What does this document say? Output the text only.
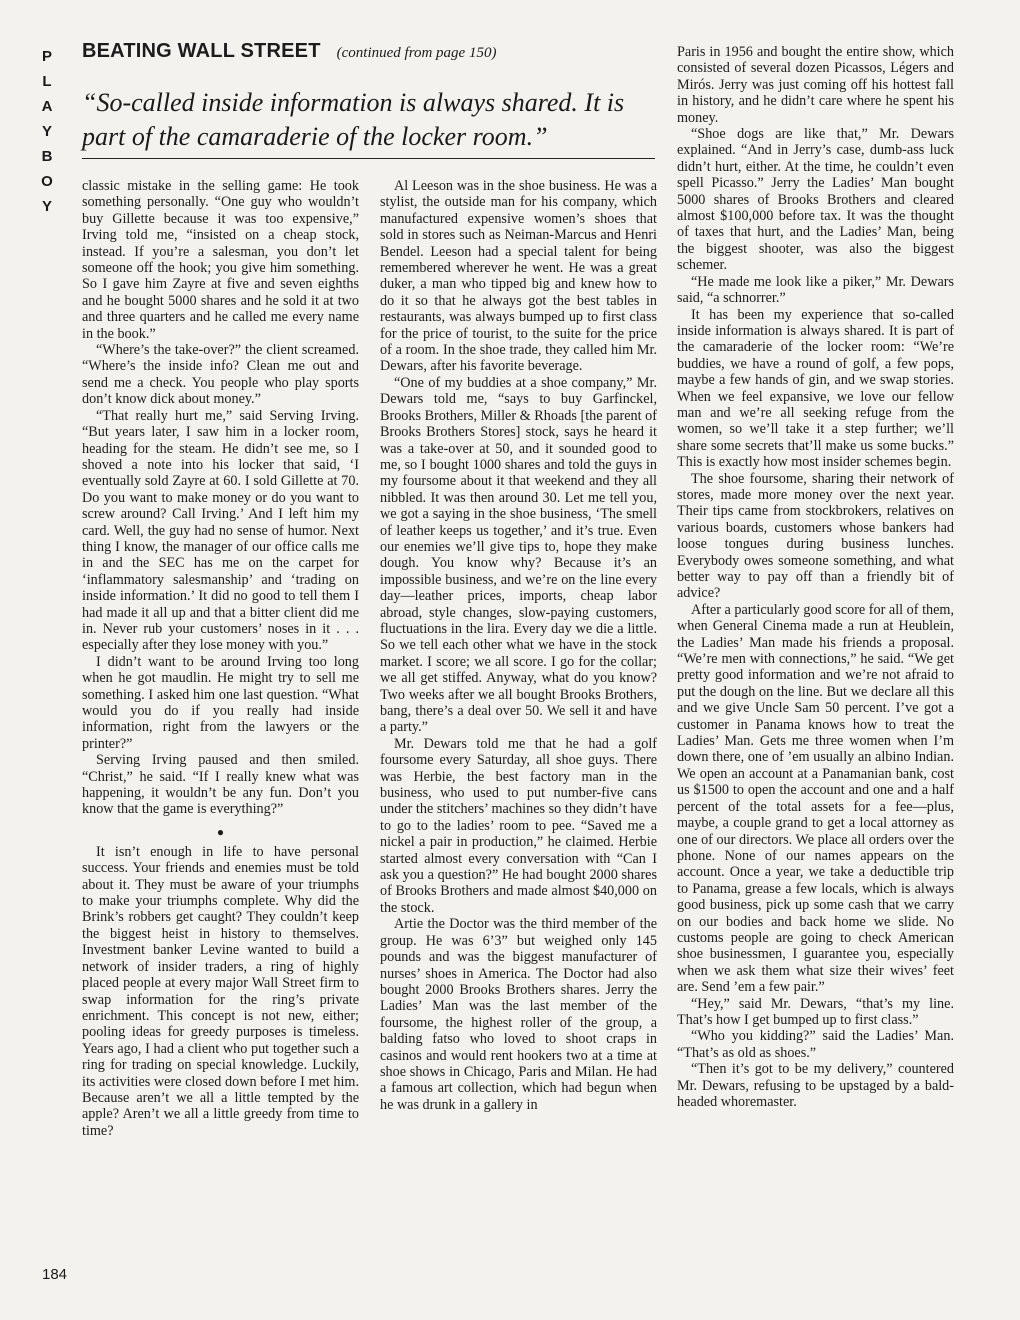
P
L
A
Y
B
O
Y
BEATING WALL STREET (continued from page 150)
“So-called inside information is always shared. It is part of the camaraderie of the locker room.”

classic mistake in the selling game: He took something personally. “One guy who wouldn’t buy Gillette because it was too expensive,” Irving told me, “insisted on a cheap stock, instead. If you’re a salesman, you don’t let someone off the hook; you give him something. So I gave him Zayre at five and seven eighths and he bought 5000 shares and he sold it at two and three quarters and he called me every name in the book.”

“Where’s the take-over?” the client screamed. “Where’s the inside info? Clean me out and send me a check. You people who play sports don’t know dick about money.”

“That really hurt me,” said Serving Irving. “But years later, I saw him in a locker room, heading for the steam. He didn’t see me, so I shoved a note into his locker that said, ‘I eventually sold Zayre at 60. I sold Gillette at 70. Do you want to make money or do you want to screw around? Call Irving.’ And I left him my card. Well, the guy had no sense of humor. Next thing I know, the manager of our office calls me in and the SEC has me on the carpet for ‘inflammatory salesmanship’ and ‘trading on inside information.’ It did no good to tell them I had made it all up and that a bitter client did me in. Never rub your customers’ noses in it . . . especially after they lose money with you.”

I didn’t want to be around Irving too long when he got maudlin. He might try to sell me something. I asked him one last question. “What would you do if you really had inside information, right from the lawyers or the printer?”

Serving Irving paused and then smiled. “Christ,” he said. “If I really knew what was happening, it wouldn’t be any fun. Don’t you know that the game is everything?”

●

It isn’t enough in life to have personal success. Your friends and enemies must be told about it. They must be aware of your triumphs to make your triumphs complete. Why did the Brink’s robbers get caught? They couldn’t keep the biggest heist in history to themselves. Investment banker Levine wanted to build a network of insider traders, a ring of highly placed people at every major Wall Street firm to swap information for the ring’s private enrichment. This concept is not new, either; pooling ideas for greedy purposes is timeless. Years ago, I had a client who put together such a ring for trading on special knowledge. Luckily, its activities were closed down before I met him. Because aren’t we all a little tempted by the apple? Aren’t we all a little greedy from time to time?

Al Leeson was in the shoe business. He was a stylist, the outside man for his company, which manufactured expensive women’s shoes that sold in stores such as Neiman-Marcus and Henri Bendel. Leeson had a special talent for being remembered wherever he went. He was a great duker, a man who tipped big and knew how to do it so that he always got the best tables in restaurants, was always bumped up to first class for the price of tourist, to the suite for the price of a room. In the shoe trade, they called him Mr. Dewars, after his favorite beverage.

“One of my buddies at a shoe company,” Mr. Dewars told me, “says to buy Garfinckel, Brooks Brothers, Miller & Rhoads [the parent of Brooks Brothers Stores] stock, says he heard it was a take-over at 50, and it sounded good to me, so I bought 1000 shares and told the guys in my foursome about it that weekend and they all nibbled. It was then around 30. Let me tell you, we got a saying in the shoe business, ‘The smell of leather keeps us together,’ and it’s true. Even our enemies we’ll give tips to, hope they make dough. You know why? Because it’s an impossible business, and we’re on the line every day—leather prices, imports, cheap labor abroad, style changes, slow-paying customers, fluctuations in the lira. Every day we die a little. So we tell each other what we have in the stock market. I score; we all score. I go for the collar; we all get stiffed. Anyway, what do you know? Two weeks after we all bought Brooks Brothers, bang, there’s a deal over 50. We sell it and have a party.”

Mr. Dewars told me that he had a golf foursome every Saturday, all shoe guys. There was Herbie, the best factory man in the business, who used to put number-five cans under the stitchers’ machines so they didn’t have to go to the ladies’ room to pee. “Saved me a nickel a pair in production,” he claimed. Herbie started almost every conversation with “Can I ask you a question?” He had bought 2000 shares of Brooks Brothers and made almost $40,000 on the stock.

Artie the Doctor was the third member of the group. He was 6’3” but weighed only 145 pounds and was the biggest manufacturer of nurses’ shoes in America. The Doctor had also bought 2000 Brooks Brothers shares. Jerry the Ladies’ Man was the last member of the foursome, the highest roller of the group, a balding fatso who loved to shoot craps in casinos and would rent hookers two at a time at shoe shows in Chicago, Paris and Milan. He had a famous art collection, which had begun when he was drunk in a gallery in

Paris in 1956 and bought the entire show, which consisted of several dozen Picassos, Légers and Mirós. Jerry was just coming off his hottest fall in history, and he didn’t care where he spent his money.

“Shoe dogs are like that,” Mr. Dewars explained. “And in Jerry’s case, dumb-ass luck didn’t hurt, either. At the time, he couldn’t even spell Picasso.” Jerry the Ladies’ Man bought 5000 shares of Brooks Brothers and cleared almost $100,000 before tax. It was the thought of taxes that hurt, and the Ladies’ Man, being the biggest shooter, was also the biggest schemer.

“He made me look like a piker,” Mr. Dewars said, “a schnorrer.”

It has been my experience that so-called inside information is always shared. It is part of the camaraderie of the locker room: “We’re buddies, we have a round of golf, a few pops, maybe a few hands of gin, and we swap stories. When we feel expansive, we love our fellow man and we’re all seeking refuge from the women, so we’ll take it a step further; we’ll share some secrets that’ll make us some bucks.” This is exactly how most insider schemes begin.

The shoe foursome, sharing their network of stores, made more money over the next year. Their tips came from stockbrokers, relatives on various boards, customers whose bankers had loose tongues during business lunches. Everybody owes someone something, and what better way to pay off than a friendly bit of advice?

After a particularly good score for all of them, when General Cinema made a run at Heublein, the Ladies’ Man made his friends a proposal. “We’re men with connections,” he said. “We get pretty good information and we’re not afraid to put the dough on the line. But we declare all this and we give Uncle Sam 50 percent. I’ve got a customer in Panama knows how to treat the Ladies’ Man. Gets me three women when I’m down there, one of ’em usually an albino Indian. We open an account at a Panamanian bank, cost us $1500 to open the account and one and a half percent of the total assets for a fee—plus, maybe, a couple grand to get a local attorney as one of our directors. We place all orders over the phone. None of our names appears on the account. Once a year, we take a deductible trip to Panama, grease a few locals, which is always good business, pick up some cash that we carry on our bodies and back home we slide. No customs people are going to check American shoe businessmen, I guarantee you, especially when we ask them what size their wives’ feet are. Send ’em a few pair.”

“Hey,” said Mr. Dewars, “that’s my line. That’s how I get bumped up to first class.”

“Who you kidding?” said the Ladies’ Man. “That’s as old as shoes.”

“Then it’s got to be my delivery,” countered Mr. Dewars, refusing to be upstaged by a bald-headed whoremaster.

184
